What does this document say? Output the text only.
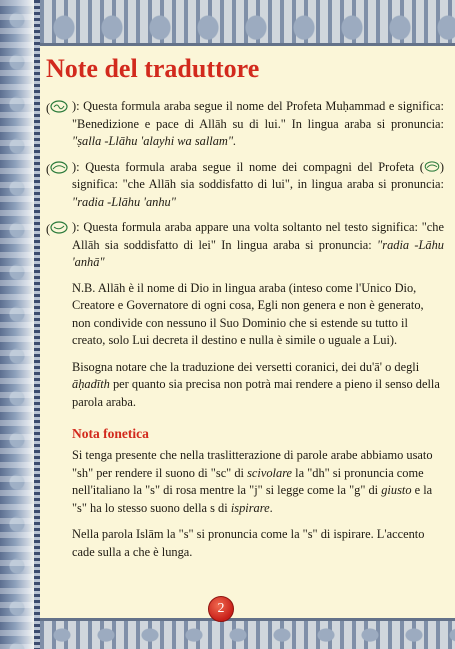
Note del traduttore
(	): Questa formula araba segue il nome del Profeta Muḥammad e significa: "Benedizione e pace di Allāh su di lui." In lingua araba si pronuncia: "ṣalla -Llāhu 'alayhi wa sallam".
(	): Questa formula araba segue il nome dei compagni del Profeta ( ) significa: "che Allāh sia soddisfatto di lui", in lingua araba si pronuncia: "radia -Llāhu 'anhu"
(	): Questa formula araba appare una volta soltanto nel testo significa: "che Allāh sia soddisfatto di lei" In lingua araba si pronuncia: "radia -Lāhu 'anhā"

N.B. Allāh è il nome di Dio in lingua araba (inteso come l'Unico Dio, Creatore e Governatore di ogni cosa, Egli non genera e non è generato, non condivide con nessuno il Suo Dominio che si estende su tutto il creato, solo Lui decreta il destino e nulla è simile o uguale a Lui).

Bisogna notare che la traduzione dei versetti coranici, dei du'ā' o degli āḥadīth per quanto sia precisa non potrà mai rendere a pieno il senso della parola araba.

Nota fonetica

Si tenga presente che nella traslitterazione di parole arabe abbiamo usato "sh" per rendere il suono di "sc" di scivolare la "dh" si pronuncia come nell'italiano la "s" di rosa mentre la "j" si legge come la "g" di giusto e la "s" ha lo stesso suono della s di ispirare.

Nella parola Islām la "s" si pronuncia come la "s" di ispirare. L'accento cade sulla a che è lunga.

2
